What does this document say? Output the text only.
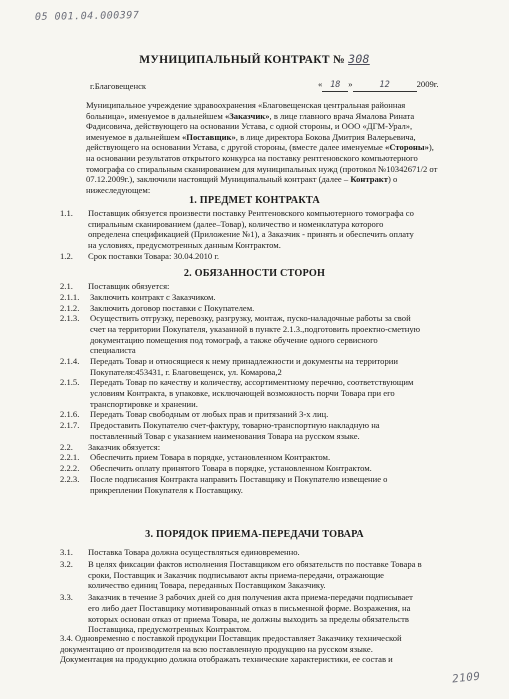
05 001.04.000397
МУНИЦИПАЛЬНЫЙ КОНТРАКТ № 308
г.Благовещенск	« 18 »	12	2009г.

Муниципальное учреждение здравоохранения «Благовещенская центральная районная

больница», именуемое в дальнейшем «Заказчик», в лице главного врача Ямалова Рината

Фадисовича, действующего на основании Устава, с одной стороны, и ООО «ДГМ-Урал»,

именуемое в дальнейшем «Поставщик», в лице директора Бокова Дмитрия Валерьевича,

действующего на основании Устава, с другой стороны, (вместе далее именуемые «Стороны»),

на основании результатов открытого конкурса на поставку рентгеновского компьютерного

томографа со спиральным сканированием для муниципальных нужд (протокол №10342671/2 от

07.12.2009г.), заключили настоящий Муниципальный контракт (далее – Контракт) о

нижеследующем:

1. ПРЕДМЕТ КОНТРАКТА
1.1. Поставщик обязуется произвести поставку Рентгеновского компьютерного томографа со

спиральным сканированием (далее–Товар), количество и номенклатура которого

определена спецификацией (Приложение №1), а Заказчик - принять и обеспечить оплату

на условиях, предусмотренных данным Контрактом.

1.2. Срок поставки Товара: 30.04.2010 г.

2. ОБЯЗАННОСТИ СТОРОН
2.1. Поставщик обязуется:

2.1.1. Заключить контракт с Заказчиком.

2.1.2. Заключить договор поставки с Покупателем.

2.1.3. Осуществить отгрузку, перевозку, разгрузку, монтаж, пуско-наладочные работы за свой

счет на территории Покупателя, указанной в пункте 2.1.3.,подготовить проектно-сметную

документацию помещения под томограф, а также обучение одного сервисного

специалиста

2.1.4. Передать Товар и относящиеся к нему принадлежности и документы на территории

Покупателя:453431, г. Благовещенск, ул. Комарова,2

2.1.5. Передать Товар по качеству и количеству, ассортиментному перечню, соответствующим

условиям Контракта, в упаковке, исключающей возможность порчи Товара при его

транспортировке и хранении.

2.1.6. Передать Товар свободным от любых прав и притязаний 3-х лиц.

2.1.7. Предоставить Покупателю счет-фактуру, товарно-транспортную накладную на

поставленный Товар с указанием наименования Товара на русском языке.

2.2. Заказчик обязуется:

2.2.1. Обеспечить прием Товара в порядке, установленном Контрактом.

2.2.2. Обеспечить оплату принятого Товара в порядке, установленном Контрактом.

2.2.3. После подписания Контракта направить Поставщику и Покупателю извещение о

прикреплении Покупателя к Поставщику.

3. ПОРЯДОК ПРИЕМА-ПЕРЕДАЧИ ТОВАРА
3.1. Поставка Товара должна осуществляться единовременно.

3.2. В целях фиксации фактов исполнения Поставщиком его обязательств по поставке Товара в

сроки, Поставщик и Заказчик подписывают акты приема-передачи, отражающие

количество единиц Товара, переданных Поставщиком Заказчику.

3.3. Заказчик в течение 3 рабочих дней со дня получения акта приема-передачи подписывает

его либо дает Поставщику мотивированный отказ в письменной форме. Возражения, на

которых основан отказ от приема Товара, не должны выходить за пределы обязательств

Поставщика, предусмотренных Контрактом.

3.4. Одновременно с поставкой продукции Поставщик предоставляет Заказчику технической

документацию от производителя на всю поставленную продукцию на русском языке.

Документация на продукцию должна отображать технические характеристики, ее состав и

2109
